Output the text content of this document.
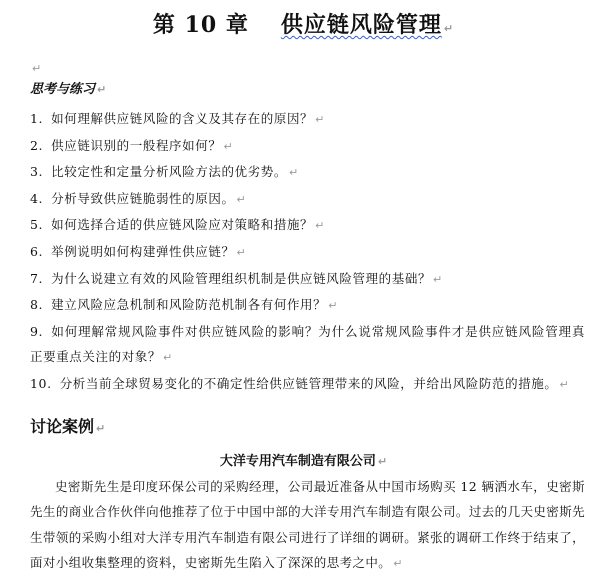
第 10 章 供应链风险管理 ↵
↵
思考与练习 ↵
1. 如何理解供应链风险的含义及其存在的原因？ ↵
2. 供应链识别的一般程序如何？ ↵
3. 比较定性和定量分析风险方法的优劣势。 ↵
4. 分析导致供应链脆弱性的原因。 ↵
5. 如何选择合适的供应链风险应对策略和措施？ ↵
6. 举例说明如何构建弹性供应链？ ↵
7. 为什么说建立有效的风险管理组织机制是供应链风险管理的基础？ ↵
8. 建立风险应急机制和风险防范机制各有何作用？ ↵
9. 如何理解常规风险事件对供应链风险的影响？为什么说常规风险事件才是供应链风险管理真正要重点关注的对象？ ↵
10. 分析当前全球贸易变化的不确定性给供应链管理带来的风险，并给出风险防范的措施。 ↵
讨论案例 ↵
大洋专用汽车制造有限公司 ↵
史密斯先生是印度环保公司的采购经理，公司最近准备从中国市场购买 12 辆洒水车，史密斯先生的商业合作伙伴向他推荐了位于中国中部的大洋专用汽车制造有限公司。过去的几天史密斯先生带领的采购小组对大洋专用汽车制造有限公司进行了详细的调研。紧张的调研工作终于结束了，面对小组收集整理的资料，史密斯先生陷入了深深的思考之中。 ↵
